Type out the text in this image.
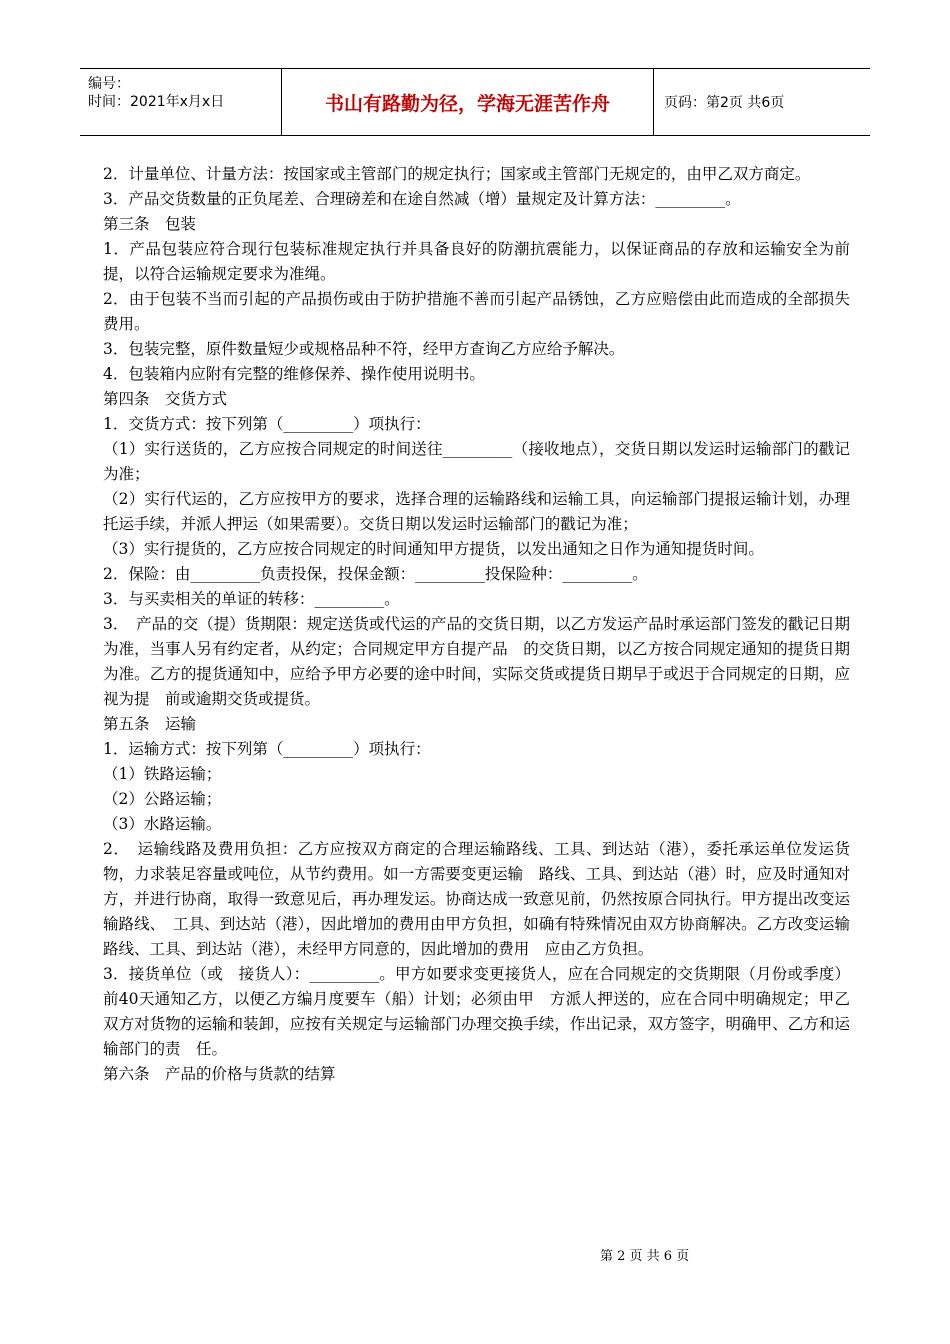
编号：
时间：2021年x月x日	书山有路勤为径，学海无涯苦作舟	页码：第2页 共6页

2．计量单位、计量方法：按国家或主管部门的规定执行；国家或主管部门无规定的，由甲乙双方商定。

3．产品交货数量的正负尾差、合理磅差和在途自然减（增）量规定及计算方法：_________。

第三条　包装

1．产品包装应符合现行包装标准规定执行并具备良好的防潮抗震能力，以保证商品的存放和运输安全为前提，以符合运输规定要求为准绳。

2．由于包装不当而引起的产品损伤或由于防护措施不善而引起产品锈蚀，乙方应赔偿由此而造成的全部损失费用。

3．包装完整，原件数量短少或规格品种不符，经甲方查询乙方应给予解决。

4．包装箱内应附有完整的维修保养、操作使用说明书。

第四条　交货方式

1．交货方式：按下列第（_________）项执行：

（1）实行送货的，乙方应按合同规定的时间送往_________（接收地点），交货日期以发运时运输部门的戳记为准；

（2）实行代运的，乙方应按甲方的要求，选择合理的运输路线和运输工具，向运输部门提报运输计划，办理托运手续，并派人押运（如果需要）。交货日期以发运时运输部门的戳记为准；

（3）实行提货的，乙方应按合同规定的时间通知甲方提货，以发出通知之日作为通知提货时间。

2．保险：由_________负责投保，投保金额：_________投保险种：_________。

3．与买卖相关的单证的转移：_________。

3．　产品的交（提）货期限：规定送货或代运的产品的交货日期，以乙方发运产品时承运部门签发的戳记日期为准，当事人另有约定者，从约定；合同规定甲方自提产品　的交货日期，以乙方按合同规定通知的提货日期为准。乙方的提货通知中，应给予甲方必要的途中时间，实际交货或提货日期早于或迟于合同规定的日期，应视为提　前或逾期交货或提货。

第五条　运输

1．运输方式：按下列第（_________）项执行：

（1）铁路运输；

（2）公路运输；

（3）水路运输。

2．　运输线路及费用负担：乙方应按双方商定的合理运输路线、工具、到达站（港），委托承运单位发运货物，力求装足容量或吨位，从节约费用。如一方需要变更运输　路线、工具、到达站（港）时，应及时通知对方，并进行协商，取得一致意见后，再办理发运。协商达成一致意见前，仍然按原合同执行。甲方提出改变运输路线、　工具、到达站（港），因此增加的费用由甲方负担，如确有特殊情况由双方协商解决。乙方改变运输路线、工具、到达站（港），未经甲方同意的，因此增加的费用　应由乙方负担。

3．接货单位（或　接货人）：_________。甲方如要求变更接货人，应在合同规定的交货期限（月份或季度）前40天通知乙方，以便乙方编月度要车（船）计划；必须由甲　方派人押送的，应在合同中明确规定；甲乙双方对货物的运输和装卸，应按有关规定与运输部门办理交换手续，作出记录，双方签字，明确甲、乙方和运输部门的责　任。

第六条　产品的价格与货款的结算

第 2 页 共 6 页
